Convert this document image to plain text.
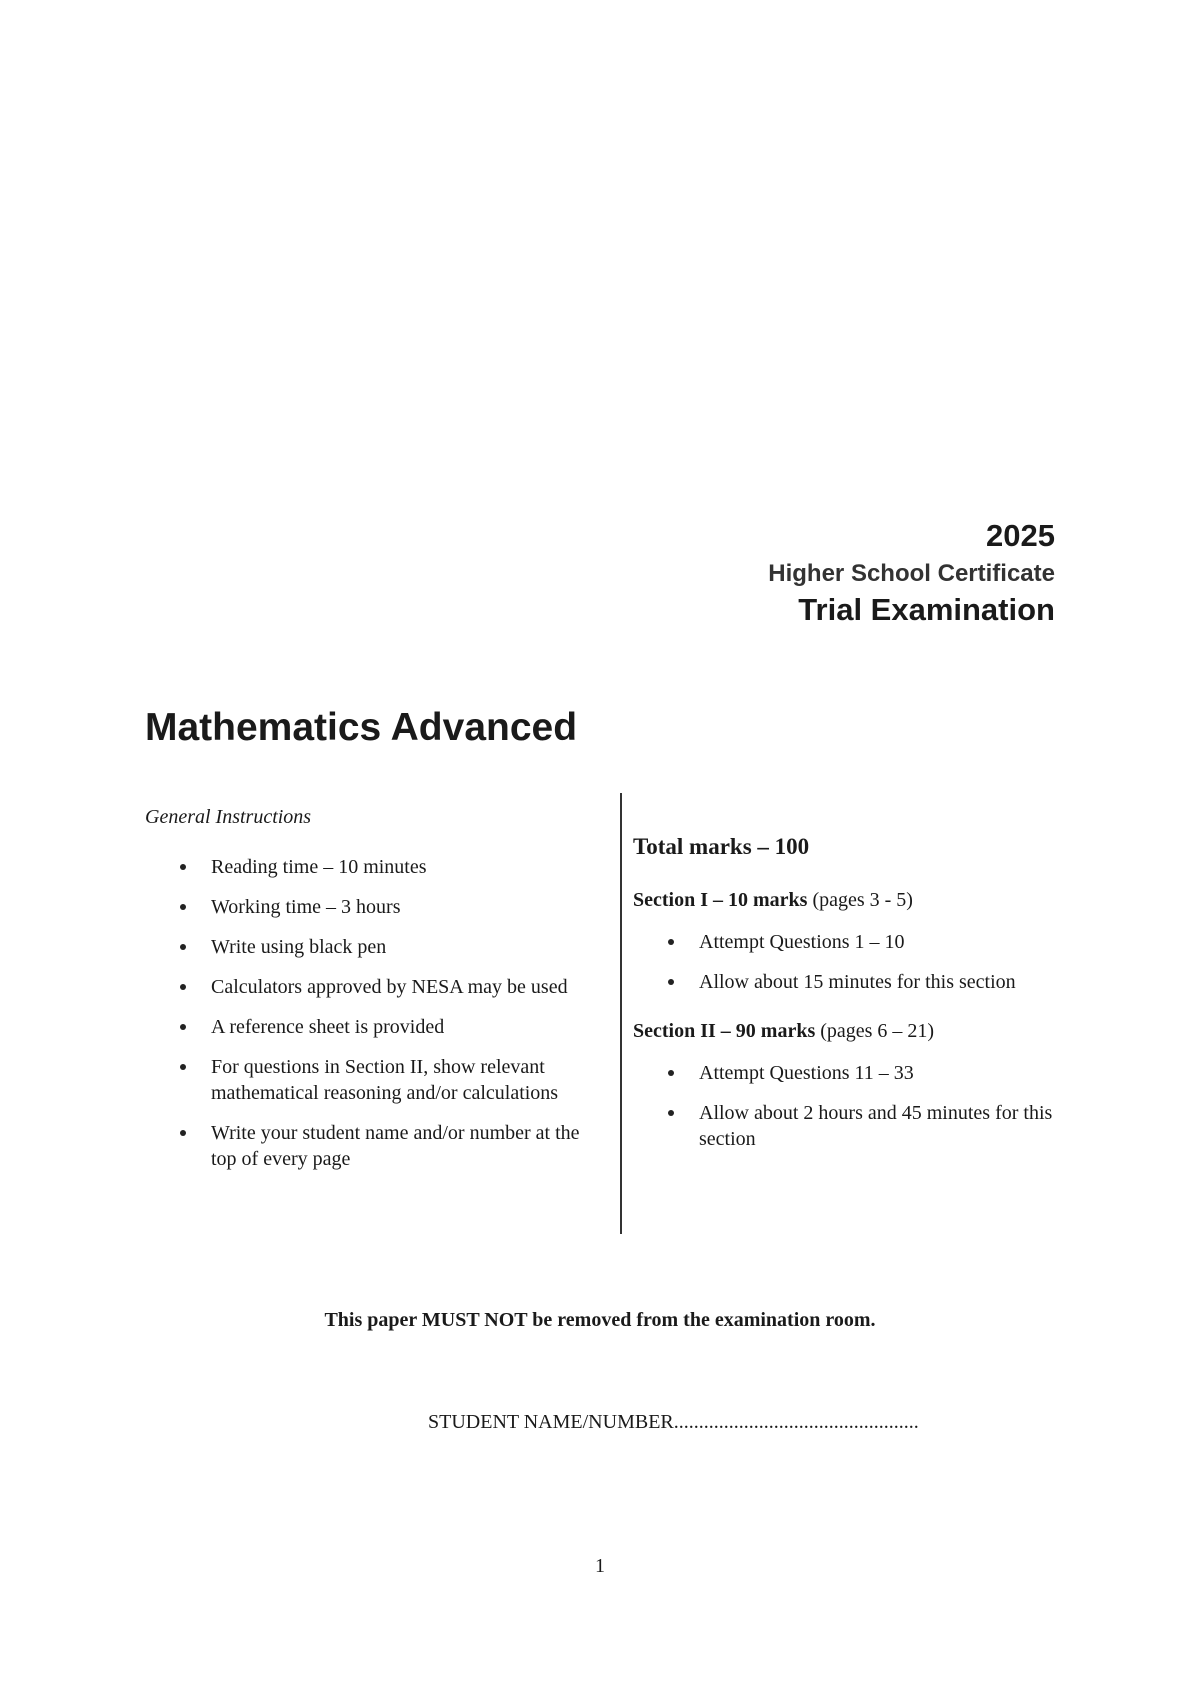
2025
Higher School Certificate
Trial Examination
Mathematics Advanced
General Instructions
Reading time – 10 minutes
Working time – 3 hours
Write using black pen
Calculators approved by NESA may be used
A reference sheet is provided
For questions in Section II, show relevant mathematical reasoning and/or calculations
Write your student name and/or number at the top of every page
Total marks – 100
Section I – 10 marks (pages 3 - 5)
Attempt Questions 1 – 10
Allow about 15 minutes for this section
Section II – 90 marks (pages 6 – 21)
Attempt Questions 11 – 33
Allow about 2 hours and 45 minutes for this section
This paper MUST NOT be removed from the examination room.
STUDENT NAME/NUMBER.................................................
1
